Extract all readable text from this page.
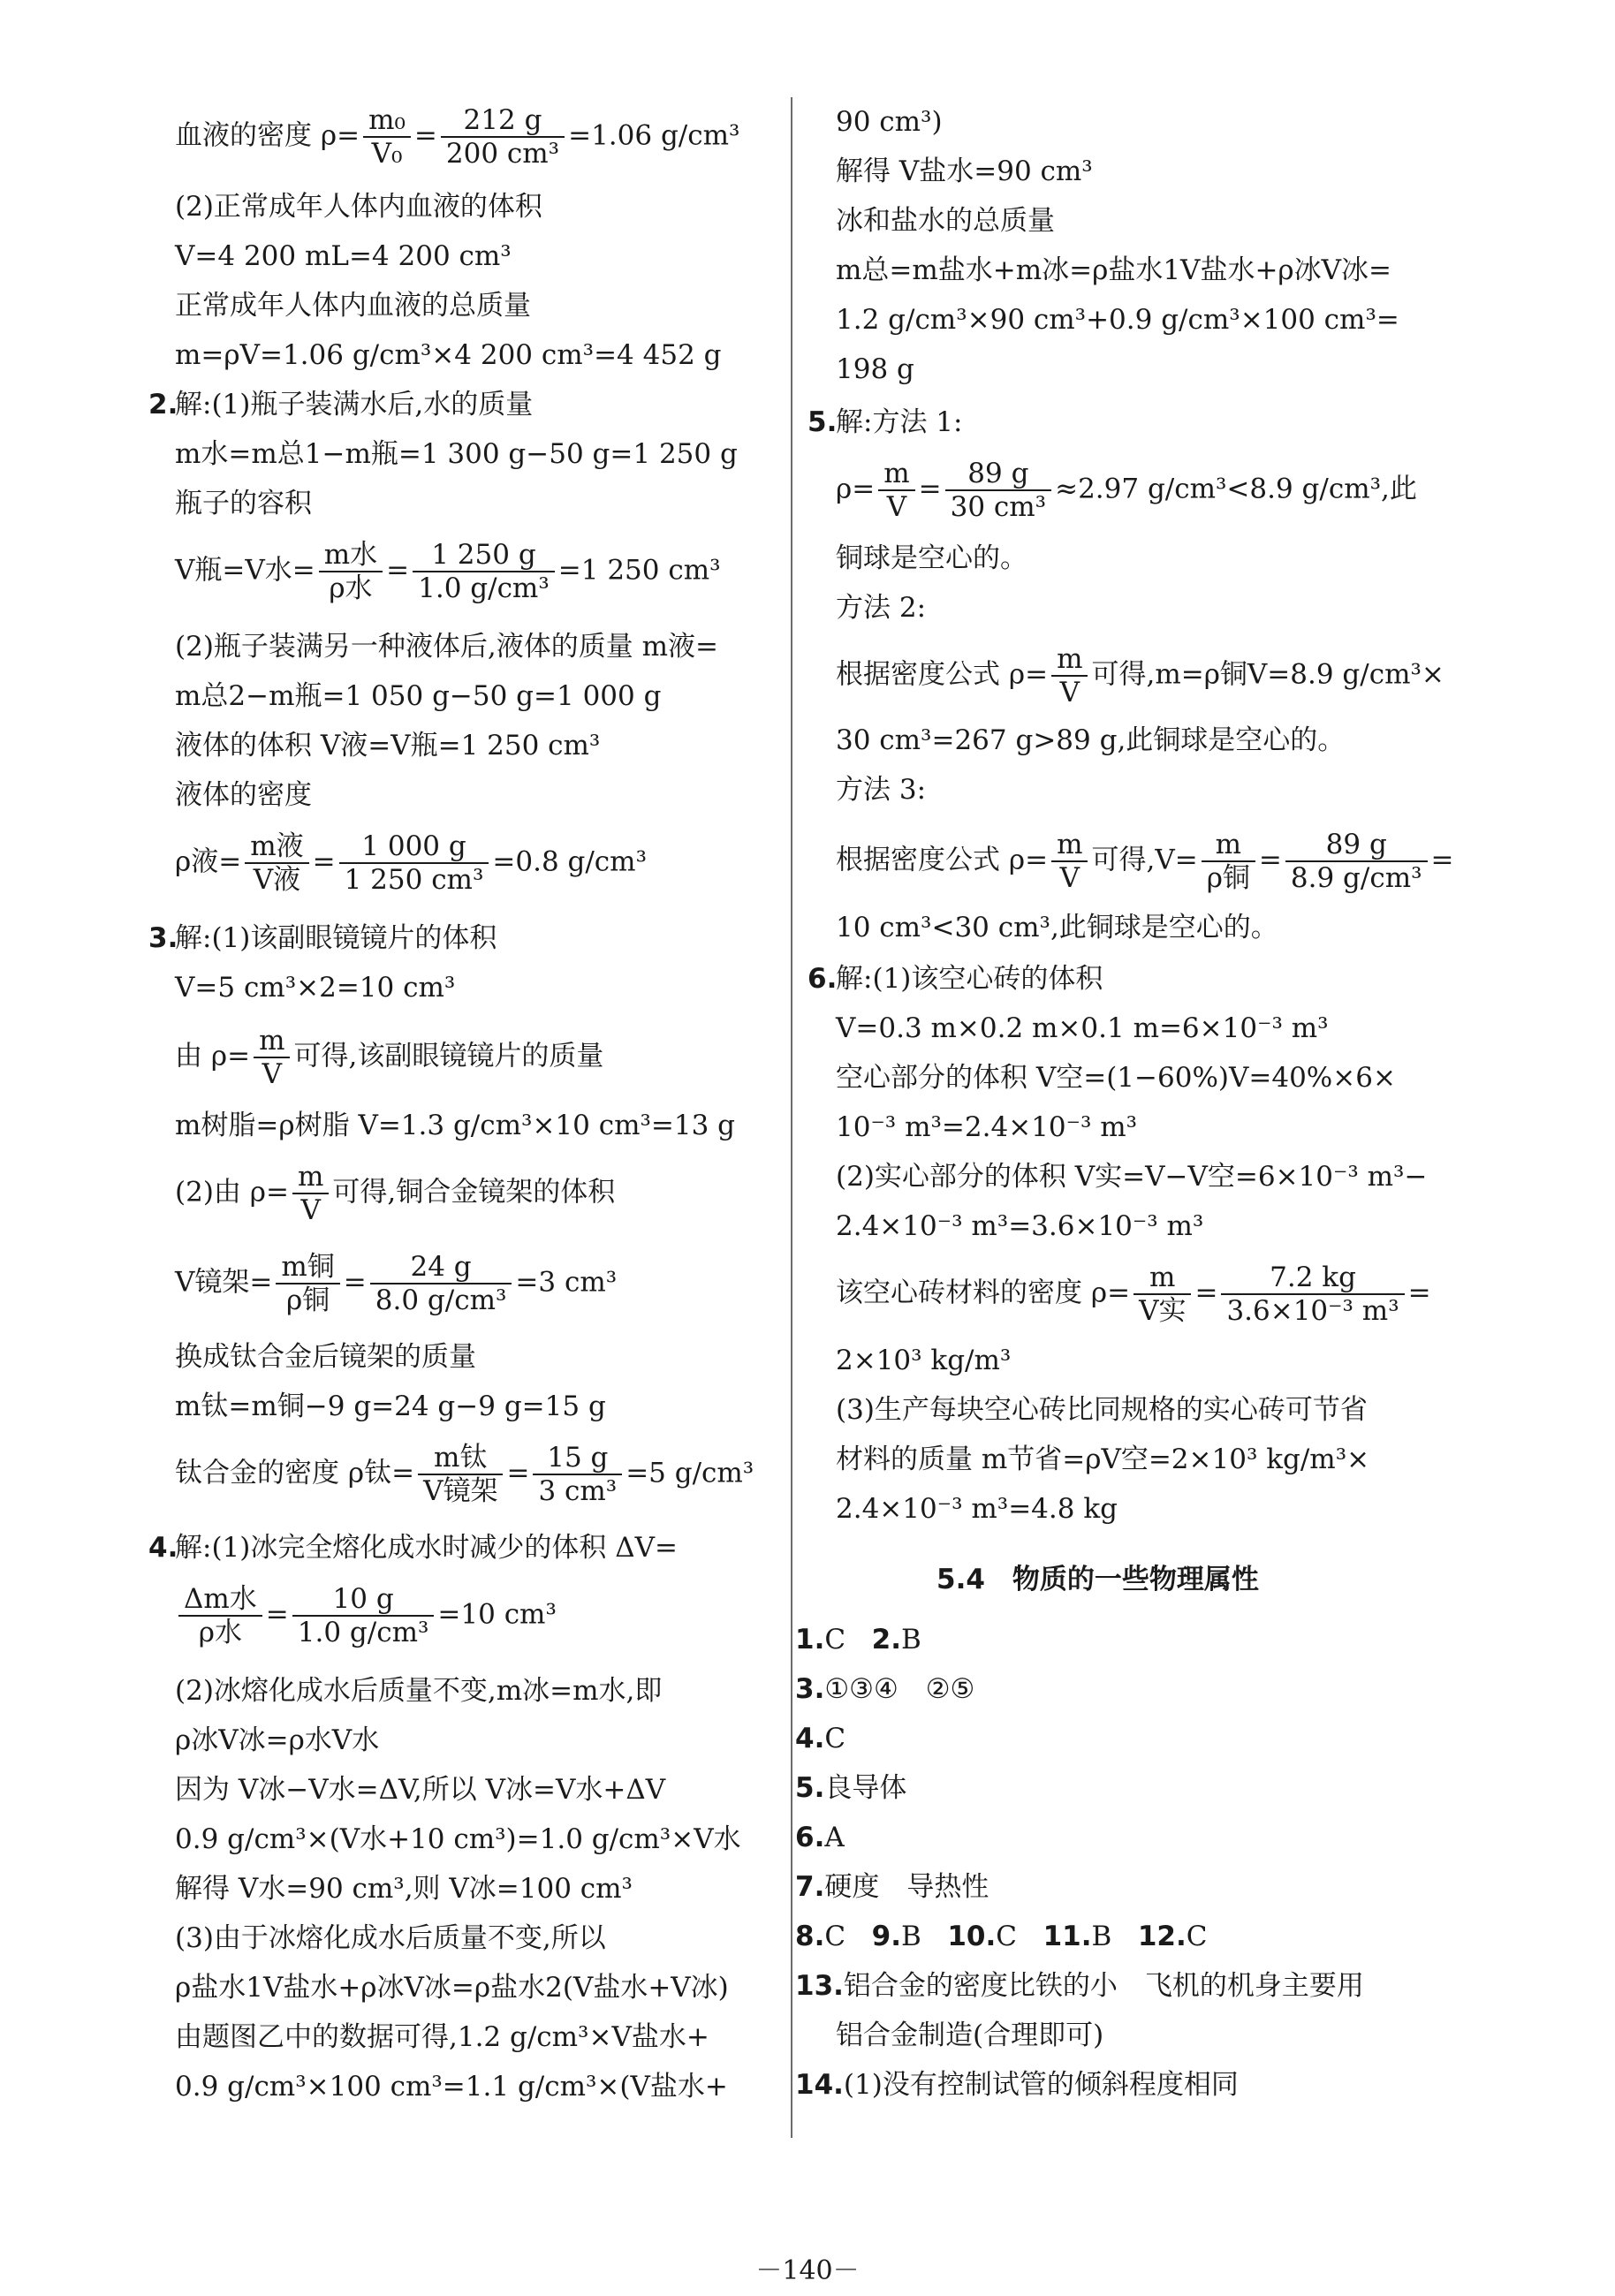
血液的密度 $\rho= \frac{\text{m₀}}{\text{V₀}} = \frac{212 g}{\text{200 cm³}} =1.06$ g/cm³
(2)正常成年人体内血液的体积
V=4 200 mL=4 200 cm³
正常成年人体内血液的总质量
m=ρV=1.06 g/cm³×4 200 cm³=4 452 g
2.
解:(1)瓶子装满水后,水的质量
m水=m总1−m瓶=1 300 g−50 g=1 250 g
瓶子的容积
V瓶=V水= $\frac{\text{m水}}{\text{ρ水}} = \frac{1 250 g}{\text{1.0 g/cm³}} =1$ 250 cm³
(2)瓶子装满另一种液体后,液体的质量 m液=
m总2−m瓶=1 050 g−50 g=1 000 g
液体的体积 V液=V瓶=1 250 cm³
液体的密度
ρ液= $\frac{\text{m液}}{\text{V液}} = \frac{1 000 g}{\text{1 250 cm³}} =0.8$ g/cm³
3.
解:(1)该副眼镜镜片的体积
V=5 cm³×2=10 cm³
由 $\rho= \frac{m}{V}$ 可得,该副眼镜镜片的质量
m树脂=ρ树脂 V=1.3 g/cm³×10 cm³=13 g
(2)由 $\rho= \frac{m}{V}$ 可得,铜合金镜架的体积
V镜架= $\frac{\text{m铜}}{\text{ρ铜}} = \frac{24 g}{\text{8.0 g/cm³}} =3$ cm³
换成钛合金后镜架的质量
m钛=m铜−9 g=24 g−9 g=15 g
钛合金的密度 ρ钛= $\frac{\text{m钛}}{\text{V镜架}} = \frac{15 g}{\text{3 cm³}} =5$ g/cm³
4.
解:(1)冰完全熔化成水时减少的体积 ΔV=
$\frac{\text{Δm水}}{\text{ρ水}} = \frac{10 g}{\text{1.0 g/cm³}} =10$ cm³
(2)冰熔化成水后质量不变,m冰=m水,即
ρ冰V冰=ρ水V水
因为 V冰−V水=ΔV,所以 V冰=V水+ΔV
0.9 g/cm³×(V水+10 cm³)=1.0 g/cm³×V水
解得 V水=90 cm³,则 V冰=100 cm³
(3)由于冰熔化成水后质量不变,所以
ρ盐水1V盐水+ρ冰V冰=ρ盐水2(V盐水+V冰)
由题图乙中的数据可得,1.2 g/cm³×V盐水+
0.9 g/cm³×100 cm³=1.1 g/cm³×(V盐水+
90 cm³)
解得 V盐水=90 cm³
冰和盐水的总质量
m总=m盐水+m冰=ρ盐水1V盐水+ρ冰V冰=
1.2 g/cm³×90 cm³+0.9 g/cm³×100 cm³=
198 g
5.
解:方法 1:
$\rho= \frac{m}{V} = \frac{89 g}{\text{30 cm³}} \approx 2.97$ g/cm³<8.9 g/cm³,此
铜球是空心的。
方法 2:
根据密度公式 $\rho= \frac{m}{V}$ 可得,m=ρ铜V=8.9 g/cm³×
30 cm³=267 g>89 g,此铜球是空心的。
方法 3:
根据密度公式 $\rho= \frac{m}{V}$ 可得$,V= \frac{m}{\text{ρ铜}} = \frac{89 g}{\text{8.9 g/cm³}}$ =
10 cm³<30 cm³,此铜球是空心的。
6.
解:(1)该空心砖的体积
V=0.3 m×0.2 m×0.1 m=6×10⁻³ m³
空心部分的体积 V空=(1−60%)V=40%×6×
10⁻³ m³=2.4×10⁻³ m³
(2)实心部分的体积 V实=V−V空=6×10⁻³ m³−
2.4×10⁻³ m³=3.6×10⁻³ m³
该空心砖材料的密度 $\rho= \frac{m}{\text{V实}} = \frac{7.2 kg}{\text{3.6×10⁻³ m³}}$ =
2×10³ kg/m³
(3)生产每块空心砖比同规格的实心砖可节省
材料的质量 m节省=ρV空=2×10³ kg/m³×
2.4×10⁻³ m³=4.8 kg
5.4　物质的一些物理属性
1.C 2.B
3.①③④　②⑤
4.C
5.良导体
6.A
7.硬度　导热性
8.C 9.B 10.C 11.B 12.C
13.铝合金的密度比铁的小　飞机的机身主要用
铝合金制造(合理即可)
14.(1)没有控制试管的倾斜程度相同
－140－
